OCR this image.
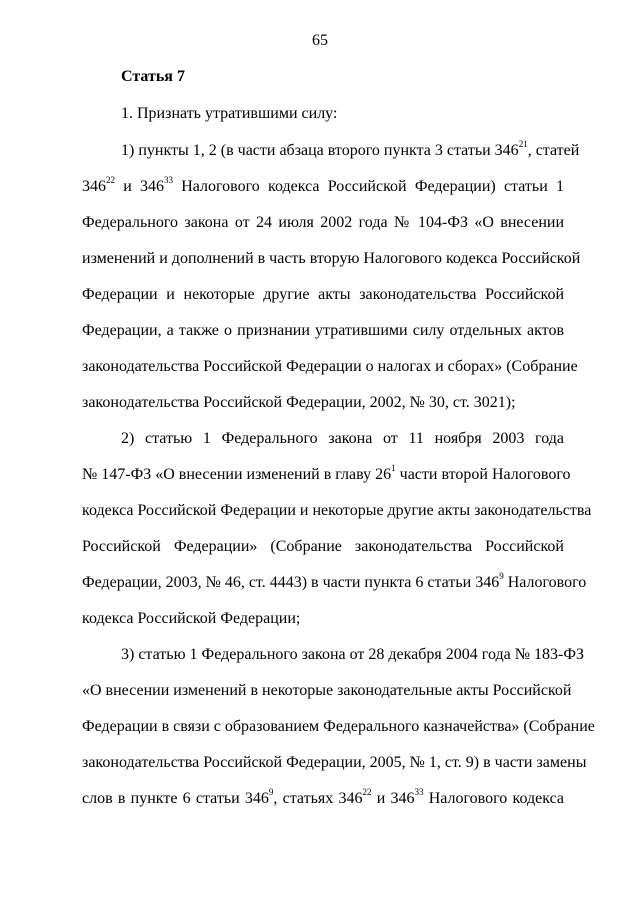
65
Статья 7
1. Признать утратившими силу:
1) пункты 1, 2 (в части абзаца второго пункта 3 статьи $346^{21}$, статей
$346^{22}$ и $346^{33}$ Налогового кодекса Российской Федерации) статьи 1
Федерального закона от 24 июля 2002 года № 104-ФЗ «О внесении
изменений и дополнений в часть вторую Налогового кодекса Российской
Федерации и некоторые другие акты законодательства Российской
Федерации, а также о признании утратившими силу отдельных актов
законодательства Российской Федерации о налогах и сборах» (Собрание
законодательства Российской Федерации, 2002, № 30, ст. 3021);
2) статью 1 Федерального закона от 11 ноября 2003 года
№ 147-ФЗ «О внесении изменений в главу $26^1$ части второй Налогового
кодекса Российской Федерации и некоторые другие акты законодательства
Российской Федерации» (Собрание законодательства Российской
Федерации, 2003, № 46, ст. 4443) в части пункта 6 статьи $346^9$ Налогового
кодекса Российской Федерации;
3) статью 1 Федерального закона от 28 декабря 2004 года № 183-ФЗ
«О внесении изменений в некоторые законодательные акты Российской
Федерации в связи с образованием Федерального казначейства» (Собрание
законодательства Российской Федерации, 2005, № 1, ст. 9) в части замены
слов в пункте 6 статьи $346^9$, статьях $346^{22}$ и $346^{33}$ Налогового кодекса
